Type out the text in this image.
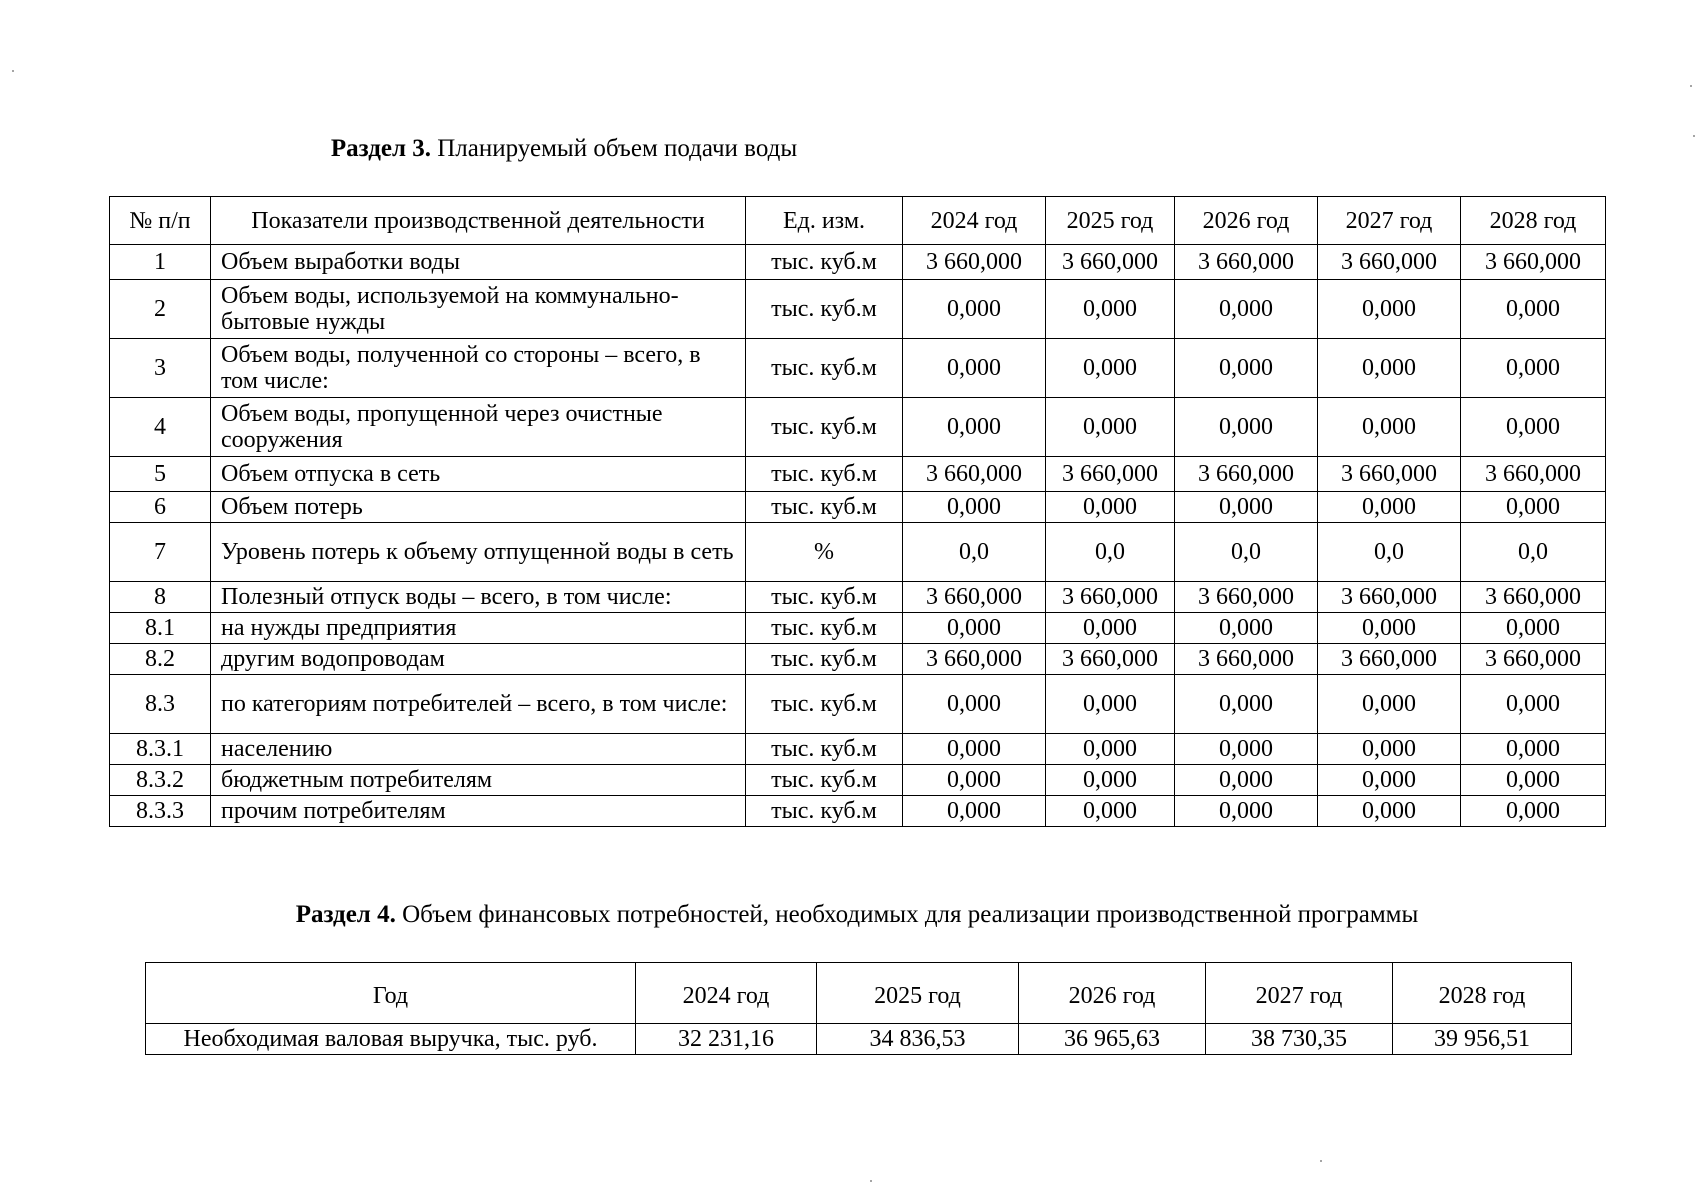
Раздел 3. Планируемый объем подачи воды
№ п/п	Показатели производственной деятельности	Ед. изм.	2024 год	2025 год	2026 год	2027 год	2028 год
1	Объем выработки воды	тыс. куб.м	3 660,000	3 660,000	3 660,000	3 660,000	3 660,000
2	Объем воды, используемой на коммунально-бытовые нужды	тыс. куб.м	0,000	0,000	0,000	0,000	0,000
3	Объем воды, полученной со стороны – всего, в том числе:	тыс. куб.м	0,000	0,000	0,000	0,000	0,000
4	Объем воды, пропущенной через очистные сооружения	тыс. куб.м	0,000	0,000	0,000	0,000	0,000
5	Объем отпуска в сеть	тыс. куб.м	3 660,000	3 660,000	3 660,000	3 660,000	3 660,000
6	Объем потерь	тыс. куб.м	0,000	0,000	0,000	0,000	0,000
7	Уровень потерь к объему отпущенной воды в сеть	%	0,0	0,0	0,0	0,0	0,0
8	Полезный отпуск воды – всего, в том числе:	тыс. куб.м	3 660,000	3 660,000	3 660,000	3 660,000	3 660,000
8.1	на нужды предприятия	тыс. куб.м	0,000	0,000	0,000	0,000	0,000
8.2	другим водопроводам	тыс. куб.м	3 660,000	3 660,000	3 660,000	3 660,000	3 660,000
8.3	по категориям потребителей – всего, в том числе:	тыс. куб.м	0,000	0,000	0,000	0,000	0,000
8.3.1	населению	тыс. куб.м	0,000	0,000	0,000	0,000	0,000
8.3.2	бюджетным потребителям	тыс. куб.м	0,000	0,000	0,000	0,000	0,000
8.3.3	прочим потребителям	тыс. куб.м	0,000	0,000	0,000	0,000	0,000
Раздел 4. Объем финансовых потребностей, необходимых для реализации производственной программы
Год	2024 год	2025 год	2026 год	2027 год	2028 год
Необходимая валовая выручка, тыс. руб.	32 231,16	34 836,53	36 965,63	38 730,35	39 956,51
